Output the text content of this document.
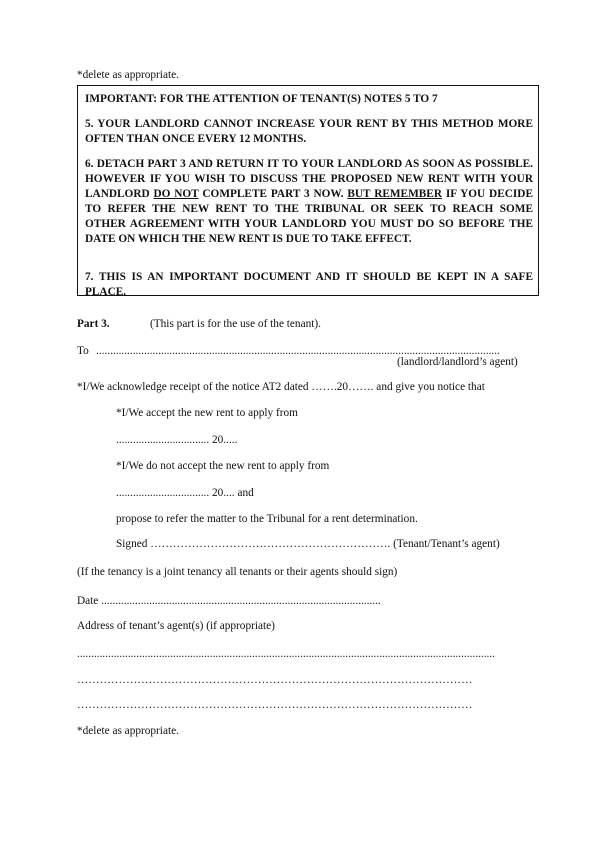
*delete as appropriate.

IMPORTANT: FOR THE ATTENTION OF TENANT(S) NOTES 5 TO 7

5. YOUR LANDLORD CANNOT INCREASE YOUR RENT BY THIS METHOD MORE OFTEN THAN ONCE EVERY 12 MONTHS.

6. DETACH PART 3 AND RETURN IT TO YOUR LANDLORD AS SOON AS POSSIBLE. HOWEVER IF YOU WISH TO DISCUSS THE PROPOSED NEW RENT WITH YOUR LANDLORD DO NOT COMPLETE PART 3 NOW. BUT REMEMBER IF YOU DECIDE TO REFER THE NEW RENT TO THE TRIBUNAL OR SEEK TO REACH SOME OTHER AGREEMENT WITH YOUR LANDLORD YOU MUST DO SO BEFORE THE DATE ON WHICH THE NEW RENT IS DUE TO TAKE EFFECT.

7. THIS IS AN IMPORTANT DOCUMENT AND IT SHOULD BE KEPT IN A SAFE PLACE.

Part 3.	(This part is for the use of the tenant).
To ...............................................................................................................................................
(landlord/landlord’s agent)
*I/We acknowledge receipt of the notice AT2 dated …….20……. and give you notice that
*I/We accept the new rent to apply from
................................. 20.....
*I/We do not accept the new rent to apply from
................................. 20.... and
propose to refer the matter to the Tribunal for a rent determination.
Signed ………………………………………………………. (Tenant/Tenant’s agent)
(If the tenancy is a joint tenancy all tenants or their agents should sign)
Date ...................................................................................................
Address of tenant’s agent(s) (if appropriate)
....................................................................................................................................................
……………………………………………………………………………………………
……………………………………………………………………………………………
*delete as appropriate.
